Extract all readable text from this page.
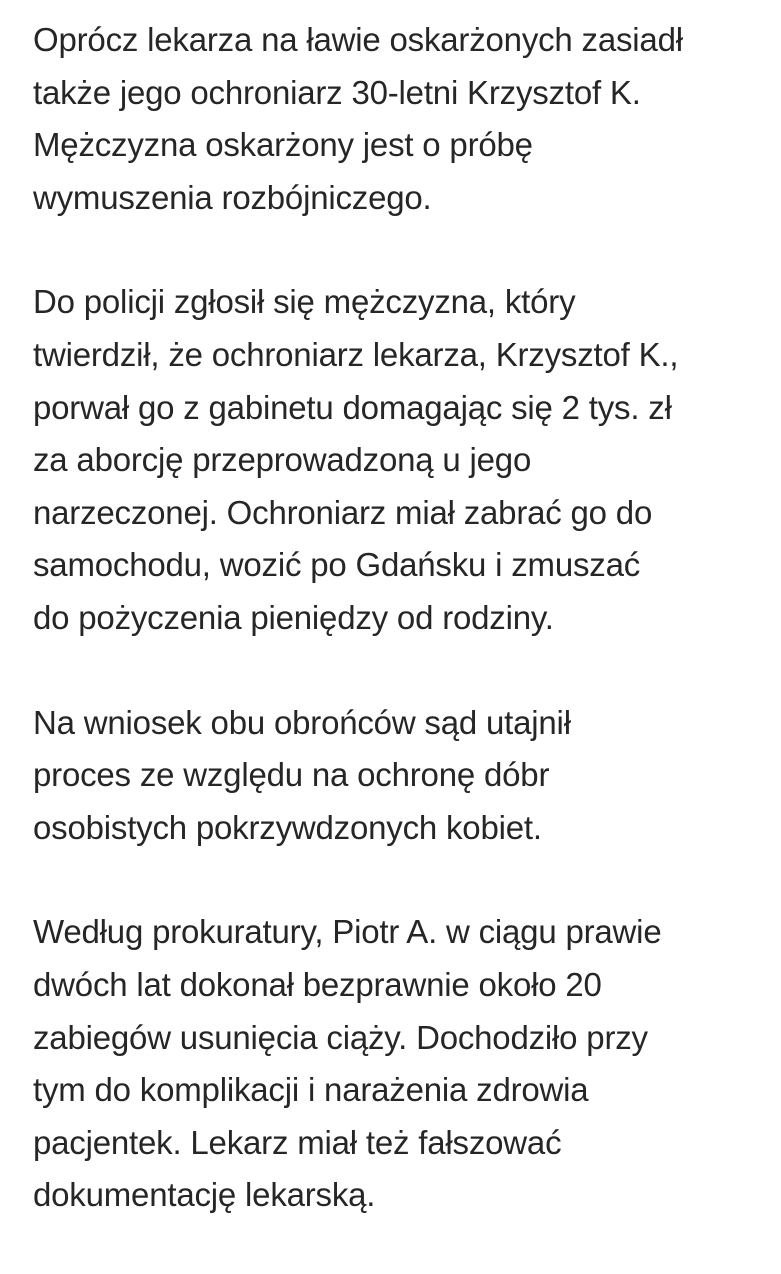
Oprócz lekarza na ławie oskarżonych zasiadł
także jego ochroniarz 30-letni Krzysztof K.
Mężczyzna oskarżony jest o próbę
wymuszenia rozbójniczego.

Do policji zgłosił się mężczyzna, który
twierdził, że ochroniarz lekarza, Krzysztof K.,
porwał go z gabinetu domagając się 2 tys. zł
za aborcję przeprowadzoną u jego
narzeczonej. Ochroniarz miał zabrać go do
samochodu, wozić po Gdańsku i zmuszać
do pożyczenia pieniędzy od rodziny.

Na wniosek obu obrońców sąd utajnił
proces ze względu na ochronę dóbr
osobistych pokrzywdzonych kobiet.

Według prokuratury, Piotr A. w ciągu prawie
dwóch lat dokonał bezprawnie około 20
zabiegów usunięcia ciąży. Dochodziło przy
tym do komplikacji i narażenia zdrowia
pacjentek. Lekarz miał też fałszować
dokumentację lekarską.
